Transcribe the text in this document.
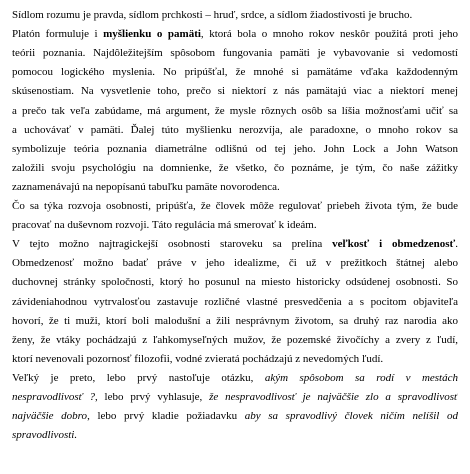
Sídlom rozumu je pravda, sídlom prchkosti – hruď, srdce, a sídlom žiadostivosti je brucho.
Platón formuluje i myšlienku o pamäti, ktorá bola o mnoho rokov neskôr použitá proti jeho
teórii poznania. Najdôležitejším spôsobom fungovania pamäti je vybavovanie si vedomostí
pomocou logického myslenia. No pripúšťal, že mnohé si pamätáme vďaka každodenným
skúsenostiam. Na vysvetlenie toho, prečo si niektorí z nás pamätajú viac a niektorí menej
a prečo tak veľa zabúdame, má argument, že mysle rôznych osôb sa líšia možnosťami učiť sa
a uchovávať v pamäti. Ďalej túto myšlienku nerozvíja, ale paradoxne, o mnoho rokov sa
symbolizuje teória poznania diametrálne odlišnú od tej jeho. John Lock a John Watson
založili svoju psychológiu na domnienke, že všetko, čo poznáme, je tým, čo naše zážitky
zaznamenávajú na nepopísanú tabuľku pamäte novorodenca.
Čo sa týka rozvoja osobnosti, pripúšťa, že človek môže regulovať priebeh života tým, že bude
pracovať na duševnom rozvoji. Táto regulácia má smerovať k ideám.
V tejto možno najtragickejší osobnosti staroveku sa prelína veľkosť i obmedzenosť.
Obmedzenosť možno badať práve v jeho idealizme, či už v prežitkoch štátnej alebo
duchovnej stránky spoločnosti, ktorý ho posunul na miesto historicky odsúdenej osobnosti. So
závideniahodnou vytrvalosťou zastavuje rozličné vlastné presvedčenia a s pocitom objaviteľa
hovorí, že ti muži, ktorí boli malodušní a žili nesprávnym životom, sa druhý raz narodia ako
ženy, že vtáky pochádzajú z ľahkomyseľných mužov, že pozemské živočíchy a zvery z ľudí,
ktorí nevenovali pozornosť filozofii, vodné zvieratá pochádzajú z nevedomých ľudí.
Veľký je preto, lebo prvý nastoľuje otázku, akým spôsobom sa rodí v mestách
nespravodlivosť ?, lebo prvý vyhlasuje, že nespravodlivosť je najväčšie zlo a spravodlivosť
najväčšie dobro, lebo prvý kladie požiadavku aby sa spravodlivý človek ničím nelíšil od
spravodlivosti.
